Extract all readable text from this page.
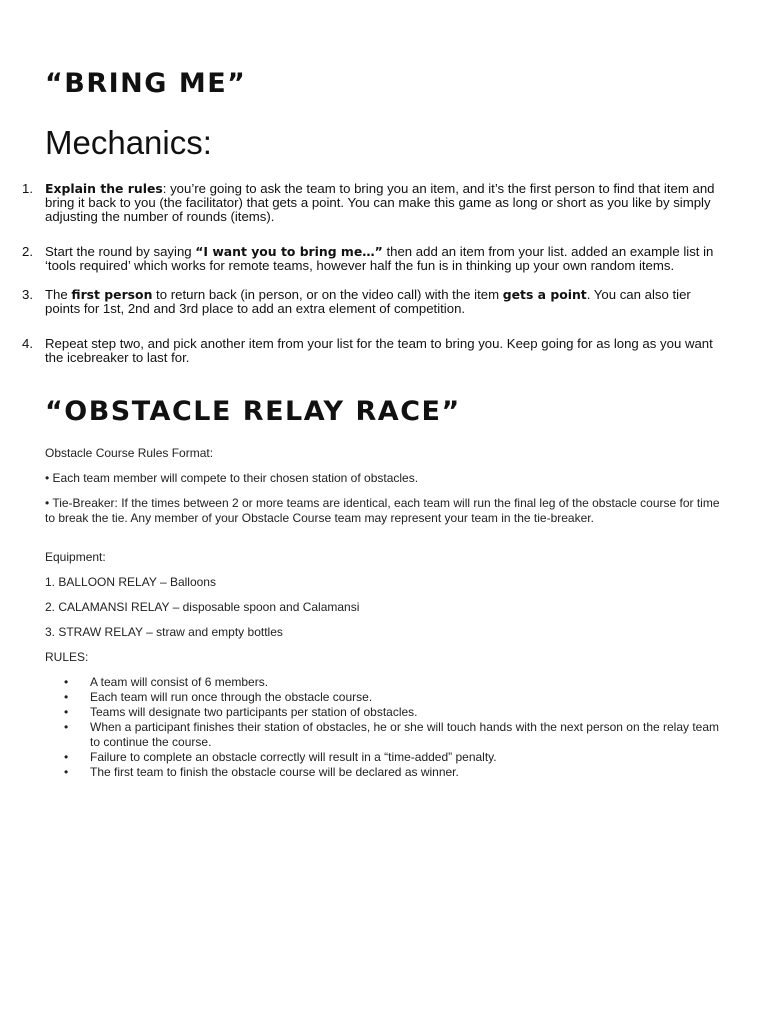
“BRING ME”
Mechanics:
1. Explain the rules: you’re going to ask the team to bring you an item, and it’s the first person to find that item and bring it back to you (the facilitator) that gets a point. You can make this game as long or short as you like by simply adjusting the number of rounds (items).
2. Start the round by saying “I want you to bring me…” then add an item from your list. added an example list in ‘tools required’ which works for remote teams, however half the fun is in thinking up your own random items.
3. The first person to return back (in person, or on the video call) with the item gets a point. You can also tier points for 1st, 2nd and 3rd place to add an extra element of competition.
4. Repeat step two, and pick another item from your list for the team to bring you. Keep going for as long as you want the icebreaker to last for.
“OBSTACLE RELAY RACE”
Obstacle Course Rules Format:
• Each team member will compete to their chosen station of obstacles.
• Tie-Breaker: If the times between 2 or more teams are identical, each team will run the final leg of the obstacle course for time to break the tie. Any member of your Obstacle Course team may represent your team in the tie-breaker.
Equipment:
1. BALLOON RELAY – Balloons
2. CALAMANSI RELAY – disposable spoon and Calamansi
3. STRAW RELAY – straw and empty bottles
RULES:
• A team will consist of 6 members.
• Each team will run once through the obstacle course.
• Teams will designate two participants per station of obstacles.
• When a participant finishes their station of obstacles, he or she will touch hands with the next person on the relay team to continue the course.
• Failure to complete an obstacle correctly will result in a “time-added” penalty.
• The first team to finish the obstacle course will be declared as winner.
